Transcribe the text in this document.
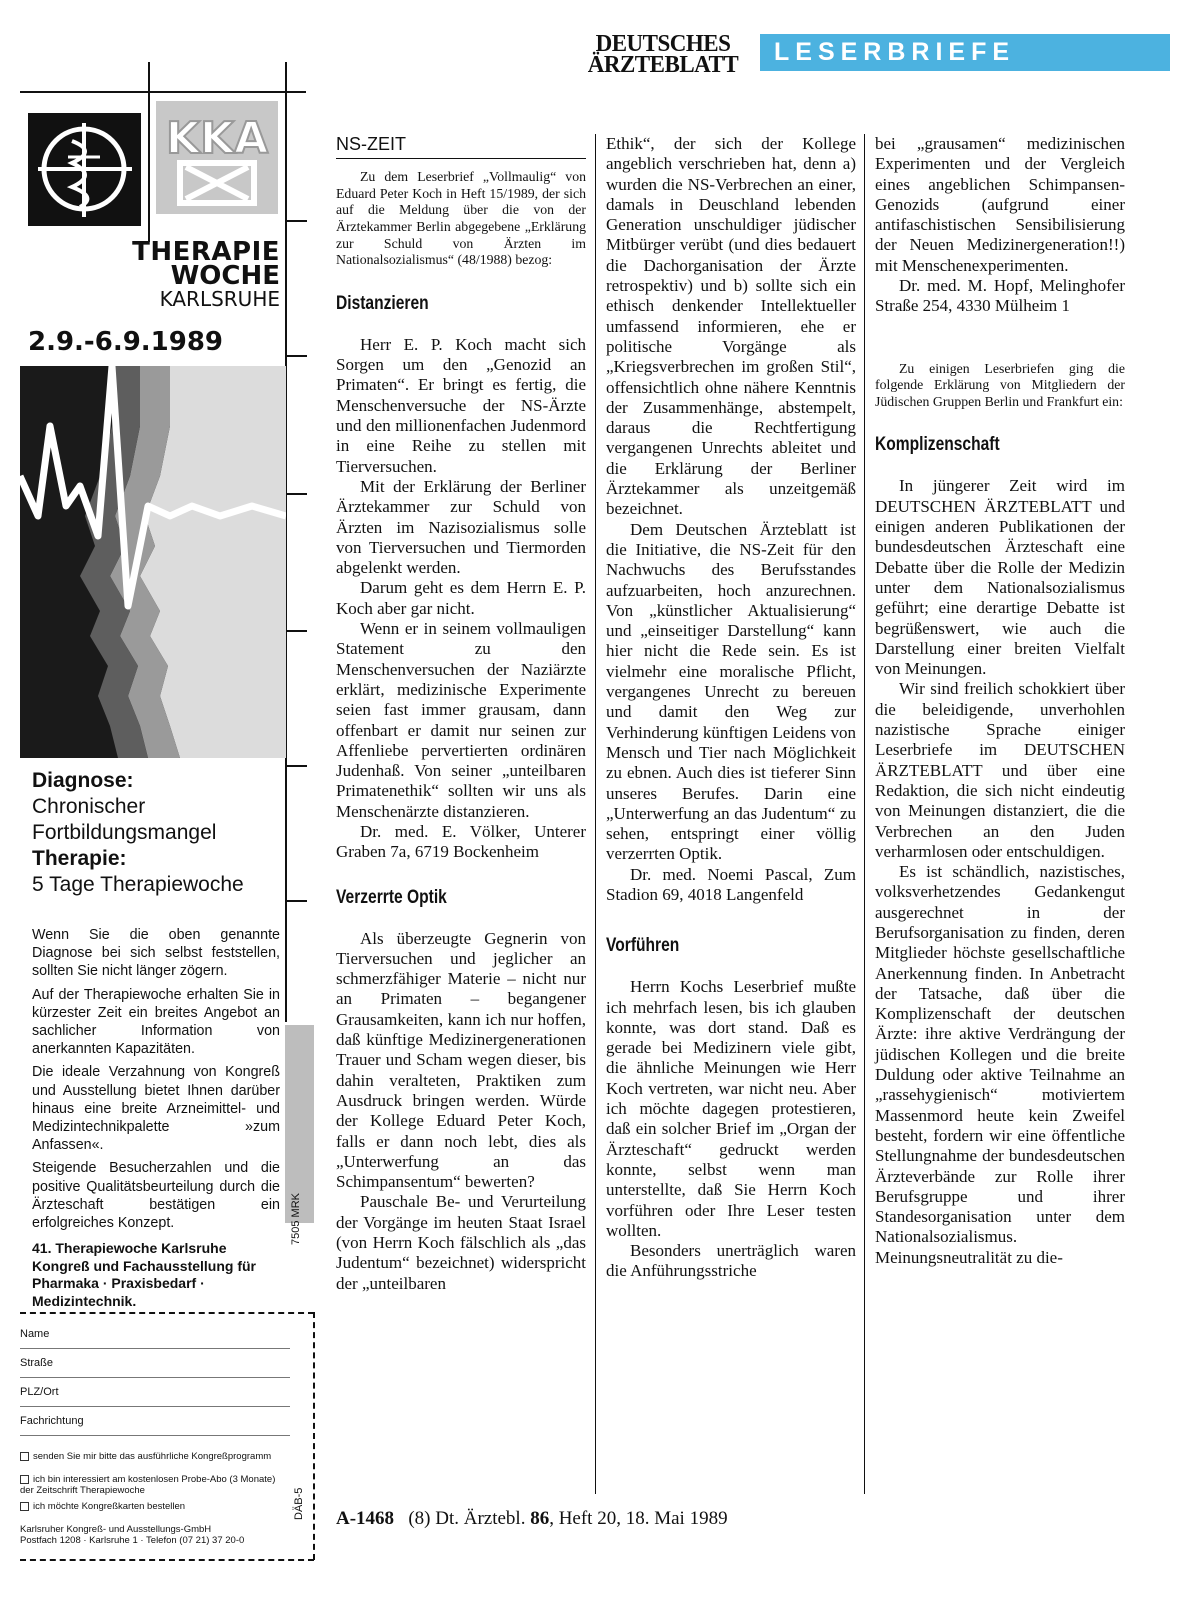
DEUTSCHES
ÄRZTEBLATT	LESERBRIEFE
KKA
THERAPIE
WOCHE
KARLSRUHE
2.9.-6.9.1989
Diagnose:
Chronischer
Fortbildungsmangel
Therapie:
5 Tage Therapiewoche

Wenn Sie die oben genannte Diagnose bei sich selbst feststellen, sollten Sie nicht länger zögern.

Auf der Therapiewoche erhalten Sie in kürzester Zeit ein breites Angebot an sachlicher Information von anerkannten Kapazitäten.

Die ideale Verzahnung von Kongreß und Ausstellung bietet Ihnen darüber hinaus eine breite Arzneimittel- und Medizintechnikpalette »zum Anfassen«.

Steigende Besucherzahlen und die positive Qualitätsbeurteilung durch die Ärzteschaft bestätigen ein erfolgreiches Konzept.

41. Therapiewoche Karlsruhe Kongreß und Fachausstellung für Pharmaka · Praxisbedarf · Medizintechnik.
7505 MRK
Name
Straße
PLZ/Ort
Fachrichtung
senden Sie mir bitte das ausführliche Kongreßprogramm
ich bin interessiert am kostenlosen Probe-Abo (3 Monate) der Zeitschrift Therapiewoche
ich möchte Kongreßkarten bestellen
Karlsruher Kongreß- und Ausstellungs-GmbH
Postfach 1208 · Karlsruhe 1 · Telefon (07 21) 37 20-0
DÄB-5
NS-ZEIT

Zu dem Leserbrief „Vollmaulig“ von Eduard Peter Koch in Heft 15/1989, der sich auf die Meldung über die von der Ärztekammer Berlin abgegebene „Erklärung zur Schuld von Ärzten im Nationalsozialismus“ (48/1988) bezog:

Distanzieren

Herr E. P. Koch macht sich Sorgen um den „Genozid an Primaten“. Er bringt es fertig, die Menschenversuche der NS-Ärzte und den millionenfachen Judenmord in eine Reihe zu stellen mit Tierversuchen.

Mit der Erklärung der Berliner Ärztekammer zur Schuld von Ärzten im Nazisozialismus solle von Tierversuchen und Tiermorden abgelenkt werden.

Darum geht es dem Herrn E. P. Koch aber gar nicht.

Wenn er in seinem vollmauligen Statement zu den Menschenversuchen der Naziärzte erklärt, medizinische Experimente seien fast immer grausam, dann offenbart er damit nur seinen zur Affenliebe pervertierten ordinären Judenhaß. Von seiner „unteilbaren Primatenethik“ sollten wir uns als Menschenärzte distanzieren.

Dr. med. E. Völker, Unterer Graben 7a, 6719 Bockenheim

Verzerrte Optik

Als überzeugte Gegnerin von Tierversuchen und jeglicher an schmerzfähiger Materie – nicht nur an Primaten – begangener Grausamkeiten, kann ich nur hoffen, daß künftige Medizinergenerationen Trauer und Scham wegen dieser, bis dahin veralteten, Praktiken zum Ausdruck bringen werden. Würde der Kollege Eduard Peter Koch, falls er dann noch lebt, dies als „Unterwerfung an das Schimpansentum“ bewerten?

Pauschale Be- und Verurteilung der Vorgänge im heuten Staat Israel (von Herrn Koch fälschlich als „das Judentum“ bezeichnet) widerspricht der „unteilbaren

Ethik“, der sich der Kollege angeblich verschrieben hat, denn a) wurden die NS-Verbrechen an einer, damals in Deuschland lebenden Generation unschuldiger jüdischer Mitbürger verübt (und dies bedauert die Dachorganisation der Ärzte retrospektiv) und b) sollte sich ein ethisch denkender Intellektueller umfassend informieren, ehe er politische Vorgänge als „Kriegsverbrechen im großen Stil“, offensichtlich ohne nähere Kenntnis der Zusammenhänge, abstempelt, daraus die Rechtfertigung vergangenen Unrechts ableitet und die Erklärung der Berliner Ärztekammer als unzeitgemäß bezeichnet.

Dem Deutschen Ärzteblatt ist die Initiative, die NS-Zeit für den Nachwuchs des Berufsstandes aufzuarbeiten, hoch anzurechnen. Von „künstlicher Aktualisierung“ und „einseitiger Darstellung“ kann hier nicht die Rede sein. Es ist vielmehr eine moralische Pflicht, vergangenes Unrecht zu bereuen und damit den Weg zur Verhinderung künftigen Leidens von Mensch und Tier nach Möglichkeit zu ebnen. Auch dies ist tieferer Sinn unseres Berufes. Darin eine „Unterwerfung an das Judentum“ zu sehen, entspringt einer völlig verzerrten Optik.

Dr. med. Noemi Pascal, Zum Stadion 69, 4018 Langenfeld

Vorführen

Herrn Kochs Leserbrief mußte ich mehrfach lesen, bis ich glauben konnte, was dort stand. Daß es gerade bei Medizinern viele gibt, die ähnliche Meinungen wie Herr Koch vertreten, war nicht neu. Aber ich möchte dagegen protestieren, daß ein solcher Brief im „Organ der Ärzteschaft“ gedruckt werden konnte, selbst wenn man unterstellte, daß Sie Herrn Koch vorführen oder Ihre Leser testen wollten.

Besonders unerträglich waren die Anführungsstriche

bei „grausamen“ medizinischen Experimenten und der Vergleich eines angeblichen Schimpansen-Genozids (aufgrund einer antifaschistischen Sensibilisierung der Neuen Medizinergeneration!!) mit Menschenexperimenten.

Dr. med. M. Hopf, Melinghofer Straße 254, 4330 Mülheim 1

Zu einigen Leserbriefen ging die folgende Erklärung von Mitgliedern der Jüdischen Gruppen Berlin und Frankfurt ein:

Komplizenschaft

In jüngerer Zeit wird im DEUTSCHEN ÄRZTEBLATT und einigen anderen Publikationen der bundesdeutschen Ärzteschaft eine Debatte über die Rolle der Medizin unter dem Nationalsozialismus geführt; eine derartige Debatte ist begrüßenswert, wie auch die Darstellung einer breiten Vielfalt von Meinungen.

Wir sind freilich schokkiert über die beleidigende, unverhohlen nazistische Sprache einiger Leserbriefe im DEUTSCHEN ÄRZTEBLATT und über eine Redaktion, die sich nicht eindeutig von Meinungen distanziert, die die Verbrechen an den Juden verharmlosen oder entschuldigen.

Es ist schändlich, nazistisches, volksverhetzendes Gedankengut ausgerechnet in der Berufsorganisation zu finden, deren Mitglieder höchste gesellschaftliche Anerkennung finden. In Anbetracht der Tatsache, daß über die Komplizenschaft der deutschen Ärzte: ihre aktive Verdrängung der jüdischen Kollegen und die breite Duldung oder aktive Teilnahme an „rassehygienisch“ motiviertem Massenmord heute kein Zweifel besteht, fordern wir eine öffentliche Stellungnahme der bundesdeutschen Ärzteverbände zur Rolle ihrer Berufsgruppe und ihrer Standesorganisation unter dem Nationalsozialismus. Meinungsneutralität zu die-

A-1468 (8) Dt. Ärztebl. 86, Heft 20, 18. Mai 1989
